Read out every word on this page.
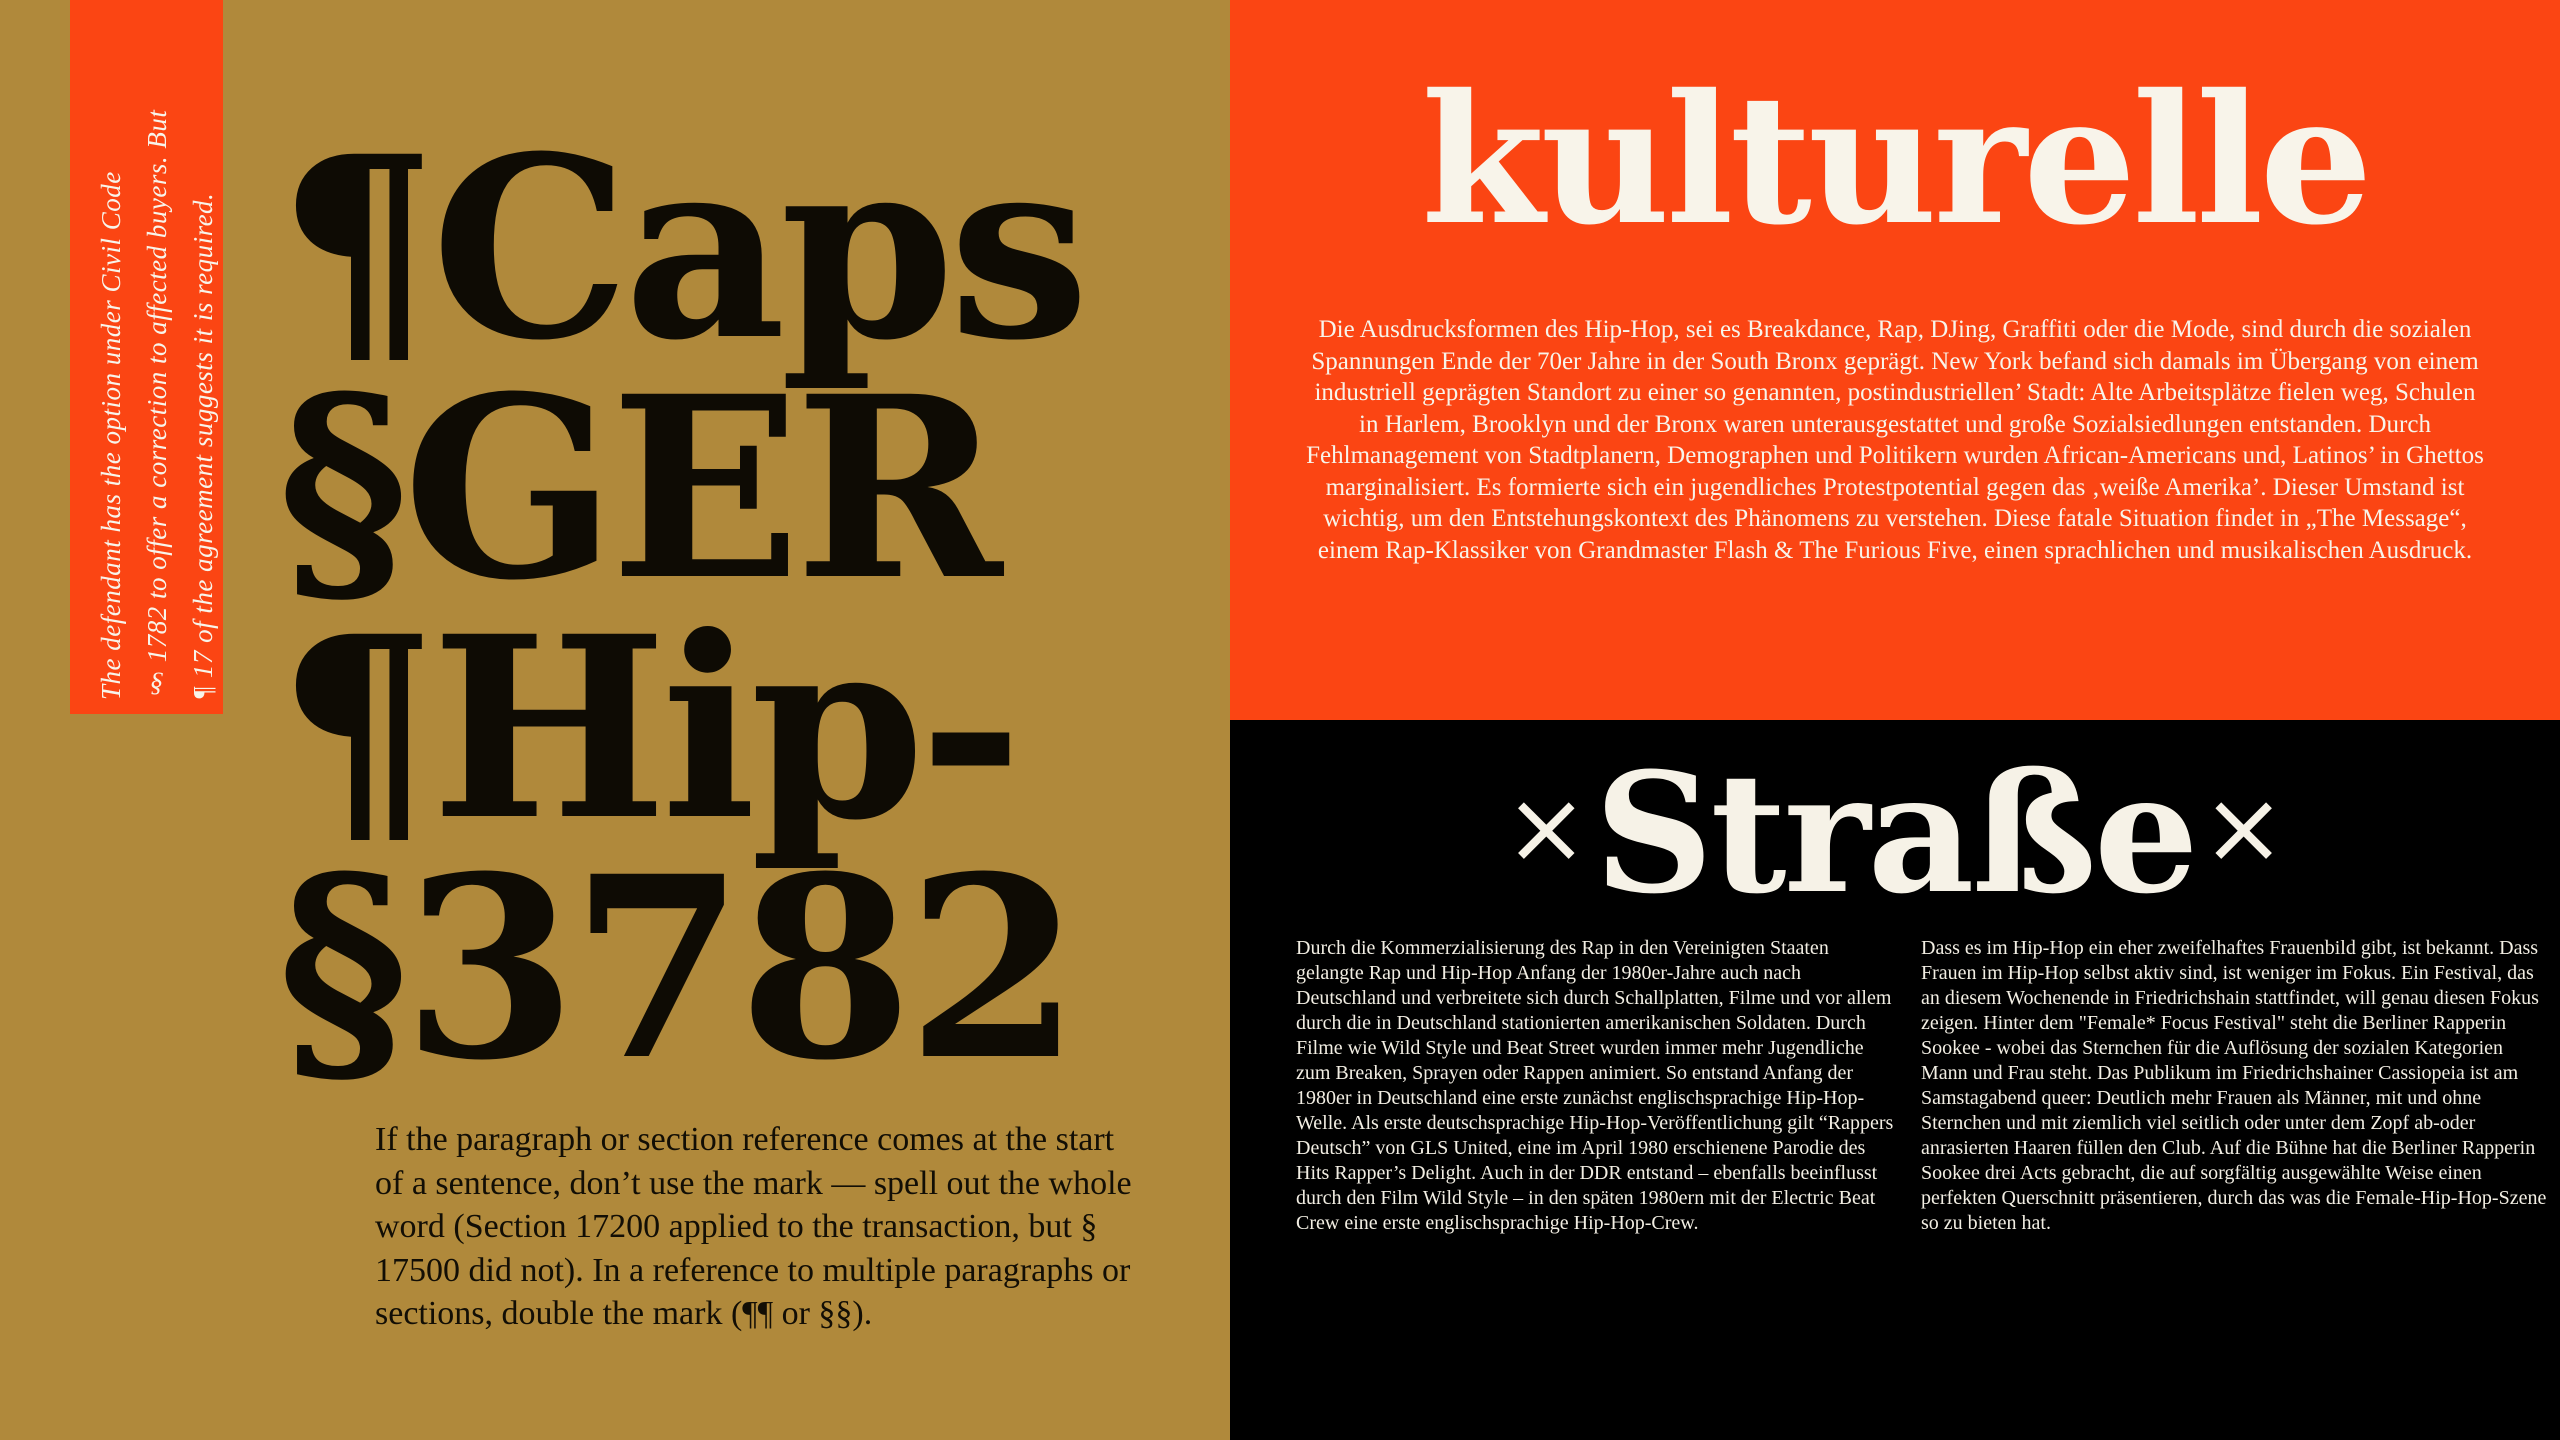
The defendant has the option under Civil Code § 1782 to offer a correction to affected buyers. But ¶ 17 of the agreement suggests it is required. ¶Caps
§GER
¶Hip-
§3782
If the paragraph or section reference comes at the start of a sentence, don’t use the mark — spell out the whole word (Section 17200 applied to the transaction, but § 17500 did not). In a reference to multiple paragraphs or sections, double the mark (¶¶ or §§).
kulturelle
Die Ausdrucksformen des Hip-Hop, sei es Breakdance, Rap, DJing, Graffiti oder die Mode, sind durch die sozialen Spannungen Ende der 70er Jahre in der South Bronx geprägt. New York befand sich damals im Übergang von einem industriell geprägten Standort zu einer so genannten, postindustriellen’ Stadt: Alte Arbeitsplätze fielen weg, Schulen in Harlem, Brooklyn und der Bronx waren unterausgestattet und große Sozialsiedlungen entstanden. Durch Fehlmanagement von Stadtplanern, Demographen und Politikern wurden African-Americans und, Latinos’ in Ghettos marginalisiert. Es formierte sich ein jugendliches Protestpotential gegen das ‚weiße Amerika’. Dieser Umstand ist wichtig, um den Entstehungskontext des Phänomens zu verstehen. Diese fatale Situation findet in „The Message“, einem Rap-Klassiker von Grandmaster Flash & The Furious Five, einen sprachlichen und musikalischen Ausdruck.
×Straße×
Durch die Kommerzialisierung des Rap in den Vereinigten Staaten gelangte Rap und Hip-Hop Anfang der 1980er-Jahre auch nach Deutschland und verbreitete sich durch Schallplatten, Filme und vor allem durch die in Deutschland stationierten amerikanischen Soldaten. Durch Filme wie Wild Style und Beat Street wurden immer mehr Jugendliche zum Breaken, Sprayen oder Rappen animiert. So entstand Anfang der 1980er in Deutschland eine erste zunächst englischsprachige Hip-Hop-Welle. Als erste deutschsprachige Hip-Hop-Veröffentlichung gilt “Rappers Deutsch” von GLS United, eine im April 1980 erschienene Parodie des Hits Rapper’s Delight. Auch in der DDR entstand – ebenfalls beeinflusst durch den Film Wild Style – in den späten 1980ern mit der Electric Beat Crew eine erste englischsprachige Hip-Hop-Crew.
Dass es im Hip-Hop ein eher zweifelhaftes Frauenbild gibt, ist bekannt. Dass Frauen im Hip-Hop selbst aktiv sind, ist weniger im Fokus. Ein Festival, das an diesem Wochenende in Friedrichshain stattfindet, will genau diesen Fokus zeigen. Hinter dem "Female* Focus Festival" steht die Berliner Rapperin Sookee - wobei das Sternchen für die Auflösung der sozialen Kategorien Mann und Frau steht. Das Publikum im Friedrichshainer Cassiopeia ist am Samstagabend queer: Deutlich mehr Frauen als Männer, mit und ohne Sternchen und mit ziemlich viel seitlich oder unter dem Zopf ab-oder anrasierten Haaren füllen den Club. Auf die Bühne hat die Berliner Rapperin Sookee drei Acts gebracht, die auf sorgfältig ausgewählte Weise einen perfekten Querschnitt präsentieren, durch das was die Female-Hip-Hop-Szene so zu bieten hat.
